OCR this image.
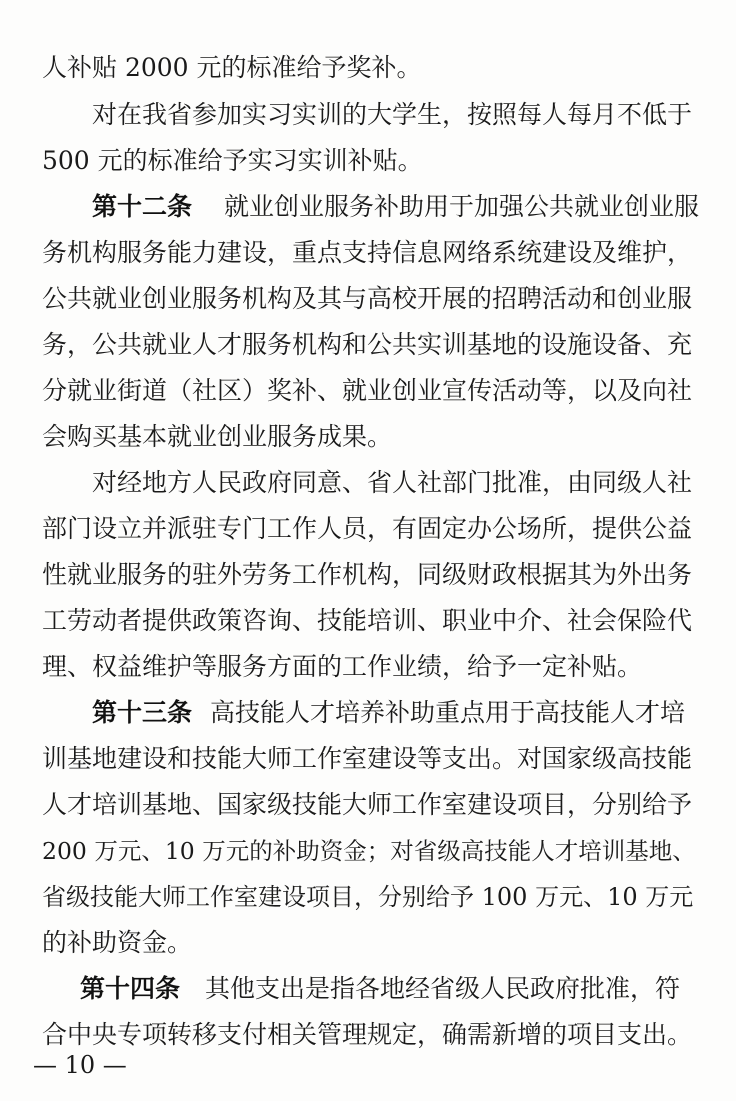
人补贴 2000 元的标准给予奖补。
对在我省参加实习实训的大学生，按照每人每月不低于
500 元的标准给予实习实训补贴。
第十二条 就业创业服务补助用于加强公共就业创业服
务机构服务能力建设，重点支持信息网络系统建设及维护，
公共就业创业服务机构及其与高校开展的招聘活动和创业服
务，公共就业人才服务机构和公共实训基地的设施设备、充
分就业街道（社区）奖补、就业创业宣传活动等，以及向社
会购买基本就业创业服务成果。
对经地方人民政府同意、省人社部门批准，由同级人社
部门设立并派驻专门工作人员，有固定办公场所，提供公益
性就业服务的驻外劳务工作机构，同级财政根据其为外出务
工劳动者提供政策咨询、技能培训、职业中介、社会保险代
理、权益维护等服务方面的工作业绩，给予一定补贴。
第十三条 高技能人才培养补助重点用于高技能人才培
训基地建设和技能大师工作室建设等支出。对国家级高技能
人才培训基地、国家级技能大师工作室建设项目，分别给予
200 万元、10 万元的补助资金；对省级高技能人才培训基地、
省级技能大师工作室建设项目，分别给予 100 万元、10 万元
的补助资金。
第十四条 其他支出是指各地经省级人民政府批准，符
合中央专项转移支付相关管理规定，确需新增的项目支出。
— 10 —
